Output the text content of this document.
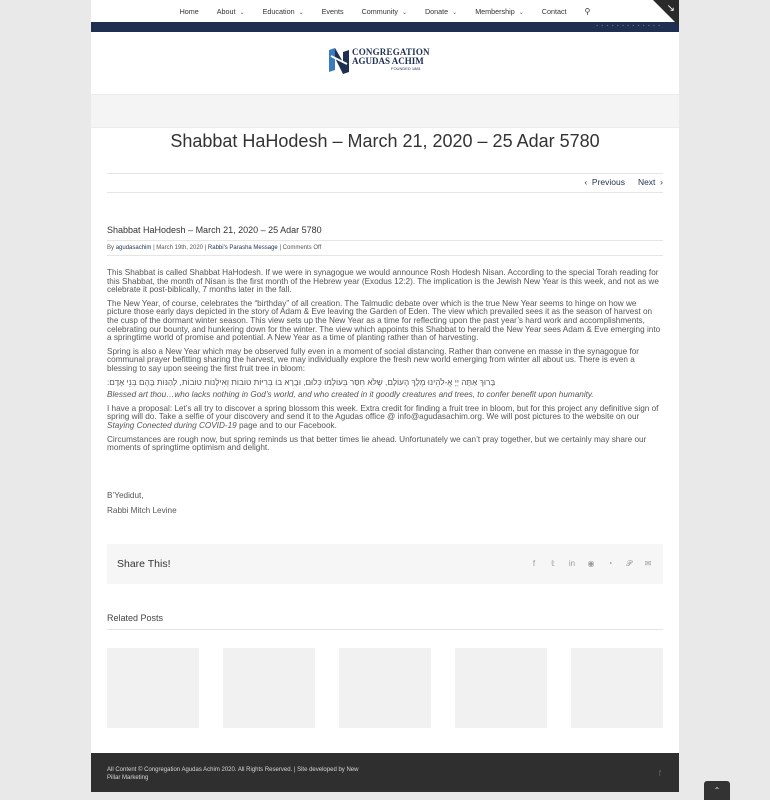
Home	About ⌄	Education ⌄	Events	Community ⌄	Donate ⌄	Membership ⌄	Contact	⚲
▪ ▪ ▪ ▪ ▪ ▪ ▪ ▪ ▪ ▪ ▪ ▪ ▪
CONGREGATION
AGUDAS ACHIM
FOUNDED 1881
Shabbat HaHodesh – March 21, 2020 – 25 Adar 5780
‹ Previous Next ›
Shabbat HaHodesh – March 21, 2020 – 25 Adar 5780
By agudasachim | March 19th, 2020 | Rabbi's Parasha Message | Comments Off

This Shabbat is called Shabbat HaHodesh. If we were in synagogue we would announce Rosh Hodesh Nisan. According to the special Torah reading for this Shabbat, the month of Nisan is the first month of the Hebrew year (Exodus 12:2). The implication is the Jewish New Year is this week, and not as we celebrate it post-biblically, 7 months later in the fall.

The New Year, of course, celebrates the “birthday” of all creation. The Talmudic debate over which is the true New Year seems to hinge on how we picture those early days depicted in the story of Adam & Eve leaving the Garden of Eden. The view which prevailed sees it as the season of harvest on the cusp of the dormant winter season. This view sets up the New Year as a time for reflecting upon the past year’s hard work and accomplishments, celebrating our bounty, and hunkering down for the winter. The view which appoints this Shabbat to herald the New Year sees Adam & Eve emerging into a springtime world of promise and potential. A New Year as a time of planting rather than of harvesting.

Spring is also a New Year which may be observed fully even in a moment of social distancing. Rather than convene en masse in the synagogue for communal prayer befitting sharing the harvest, we may individually explore the fresh new world emerging from winter all about us. There is even a blessing to say upon seeing the first fruit tree in bloom:

בָּרוּךְ אַתָּה יְיָ אֱ-לֹהֵינוּ מֶלֶךְ הָעוֹלָם, שֶׁלֹּא חִסַּר בְּעוֹלָמוֹ כְּלוּם, וּבָרָא בוֹ בְּרִיּוֹת טוֹבוֹת וְאִילָנוֹת טוֹבוֹת, לְהַנּוֹת בָּהֶם בְּנֵי אָדָם:

Blessed art thou…who lacks nothing in God’s world, and who created in it goodly creatures and trees, to confer benefit upon humanity.

I have a proposal: Let’s all try to discover a spring blossom this week. Extra credit for finding a fruit tree in bloom, but for this project any definitive sign of spring will do. Take a selfie of your discovery and send it to the Agudas office @ info@agudasachim.org. We will post pictures to the website on our Staying Conected during COVID-19 page and to our Facebook.

Circumstances are rough now, but spring reminds us that better times lie ahead. Unfortunately we can’t pray together, but we certainly may share our moments of springtime optimism and delight.

B’Yedidut,
Rabbi Mitch Levine
Share This!	f	𝕥	in ◉	◔	𝒫 ✉
Related Posts
All Content © Congregation Agudas Achim 2020. All Rights Reserved. | Site developed by New Pillar Marketing	f
↘
⌃
